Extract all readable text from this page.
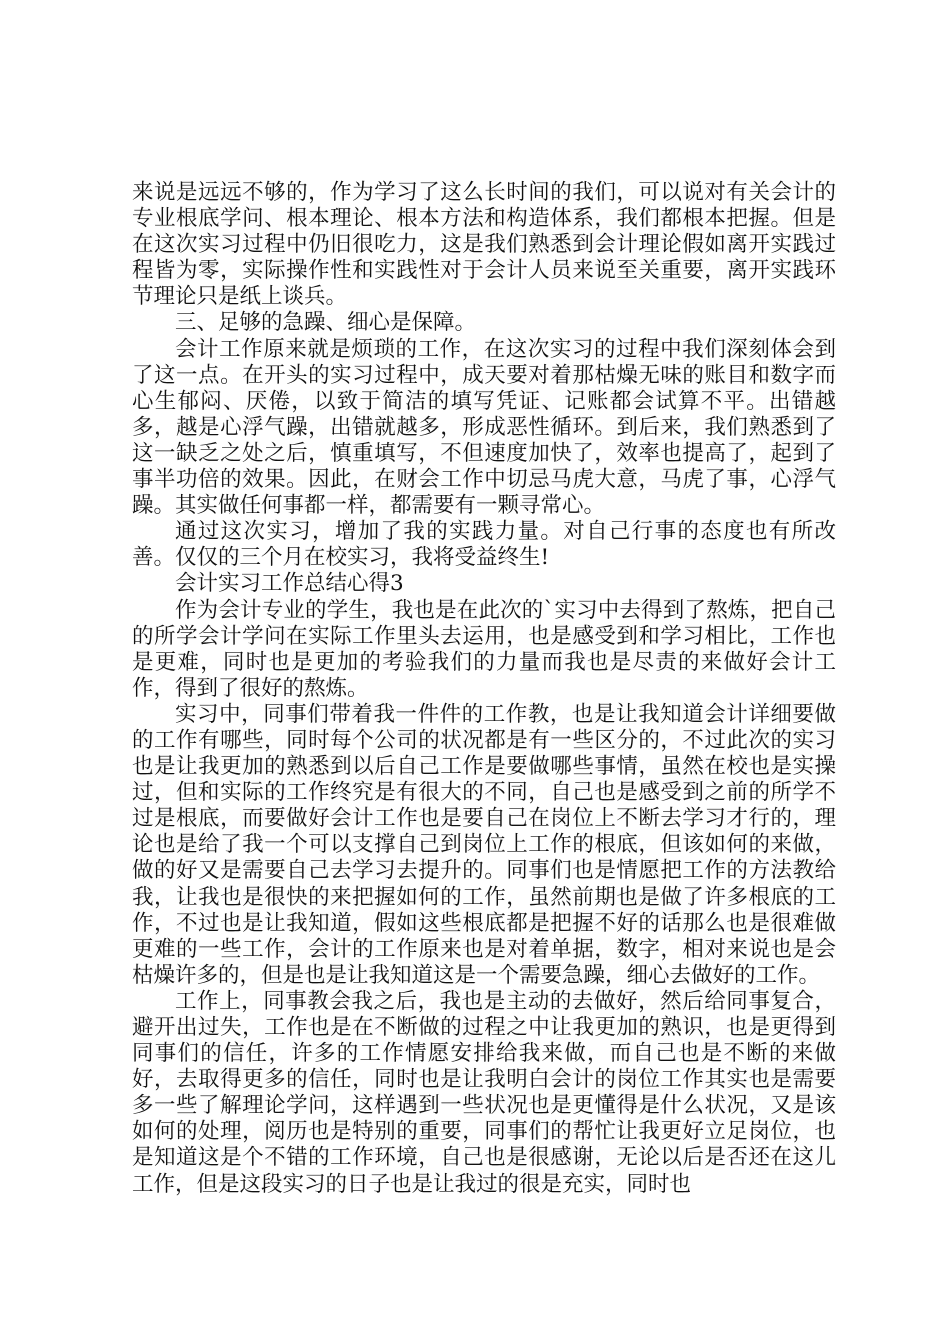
来说是远远不够的，作为学习了这么长时间的我们，可以说对有关会计的专业根底学问、根本理论、根本方法和构造体系，我们都根本把握。但是在这次实习过程中仍旧很吃力，这是我们熟悉到会计理论假如离开实践过程皆为零，实际操作性和实践性对于会计人员来说至关重要，离开实践环节理论只是纸上谈兵。

三、足够的急躁、细心是保障。

会计工作原来就是烦琐的工作，在这次实习的过程中我们深刻体会到了这一点。在开头的实习过程中，成天要对着那枯燥无味的账目和数字而心生郁闷、厌倦，以致于简洁的填写凭证、记账都会试算不平。出错越多，越是心浮气躁，出错就越多，形成恶性循环。到后来，我们熟悉到了这一缺乏之处之后，慎重填写，不但速度加快了，效率也提高了，起到了事半功倍的效果。因此，在财会工作中切忌马虎大意，马虎了事，心浮气躁。其实做任何事都一样，都需要有一颗寻常心。

通过这次实习，增加了我的实践力量。对自己行事的态度也有所改善。仅仅的三个月在校实习，我将受益终生!

会计实习工作总结心得3

作为会计专业的学生，我也是在此次的`实习中去得到了熬炼，把自己的所学会计学问在实际工作里头去运用，也是感受到和学习相比，工作也是更难，同时也是更加的考验我们的力量而我也是尽责的来做好会计工作，得到了很好的熬炼。

实习中，同事们带着我一件件的工作教，也是让我知道会计详细要做的工作有哪些，同时每个公司的状况都是有一些区分的，不过此次的实习也是让我更加的熟悉到以后自己工作是要做哪些事情，虽然在校也是实操过，但和实际的工作终究是有很大的不同，自己也是感受到之前的所学不过是根底，而要做好会计工作也是要自己在岗位上不断去学习才行的，理论也是给了我一个可以支撑自己到岗位上工作的根底，但该如何的来做，做的好又是需要自己去学习去提升的。同事们也是情愿把工作的方法教给我，让我也是很快的来把握如何的工作，虽然前期也是做了许多根底的工作，不过也是让我知道，假如这些根底都是把握不好的话那么也是很难做更难的一些工作，会计的工作原来也是对着单据，数字，相对来说也是会枯燥许多的，但是也是让我知道这是一个需要急躁，细心去做好的工作。

工作上，同事教会我之后，我也是主动的去做好，然后给同事复合，避开出过失，工作也是在不断做的过程之中让我更加的熟识，也是更得到同事们的信任，许多的工作情愿安排给我来做，而自己也是不断的来做好，去取得更多的信任，同时也是让我明白会计的岗位工作其实也是需要多一些了解理论学问，这样遇到一些状况也是更懂得是什么状况，又是该如何的处理，阅历也是特别的重要，同事们的帮忙让我更好立足岗位，也是知道这是个不错的工作环境，自己也是很感谢，无论以后是否还在这儿工作，但是这段实习的日子也是让我过的很是充实，同时也
